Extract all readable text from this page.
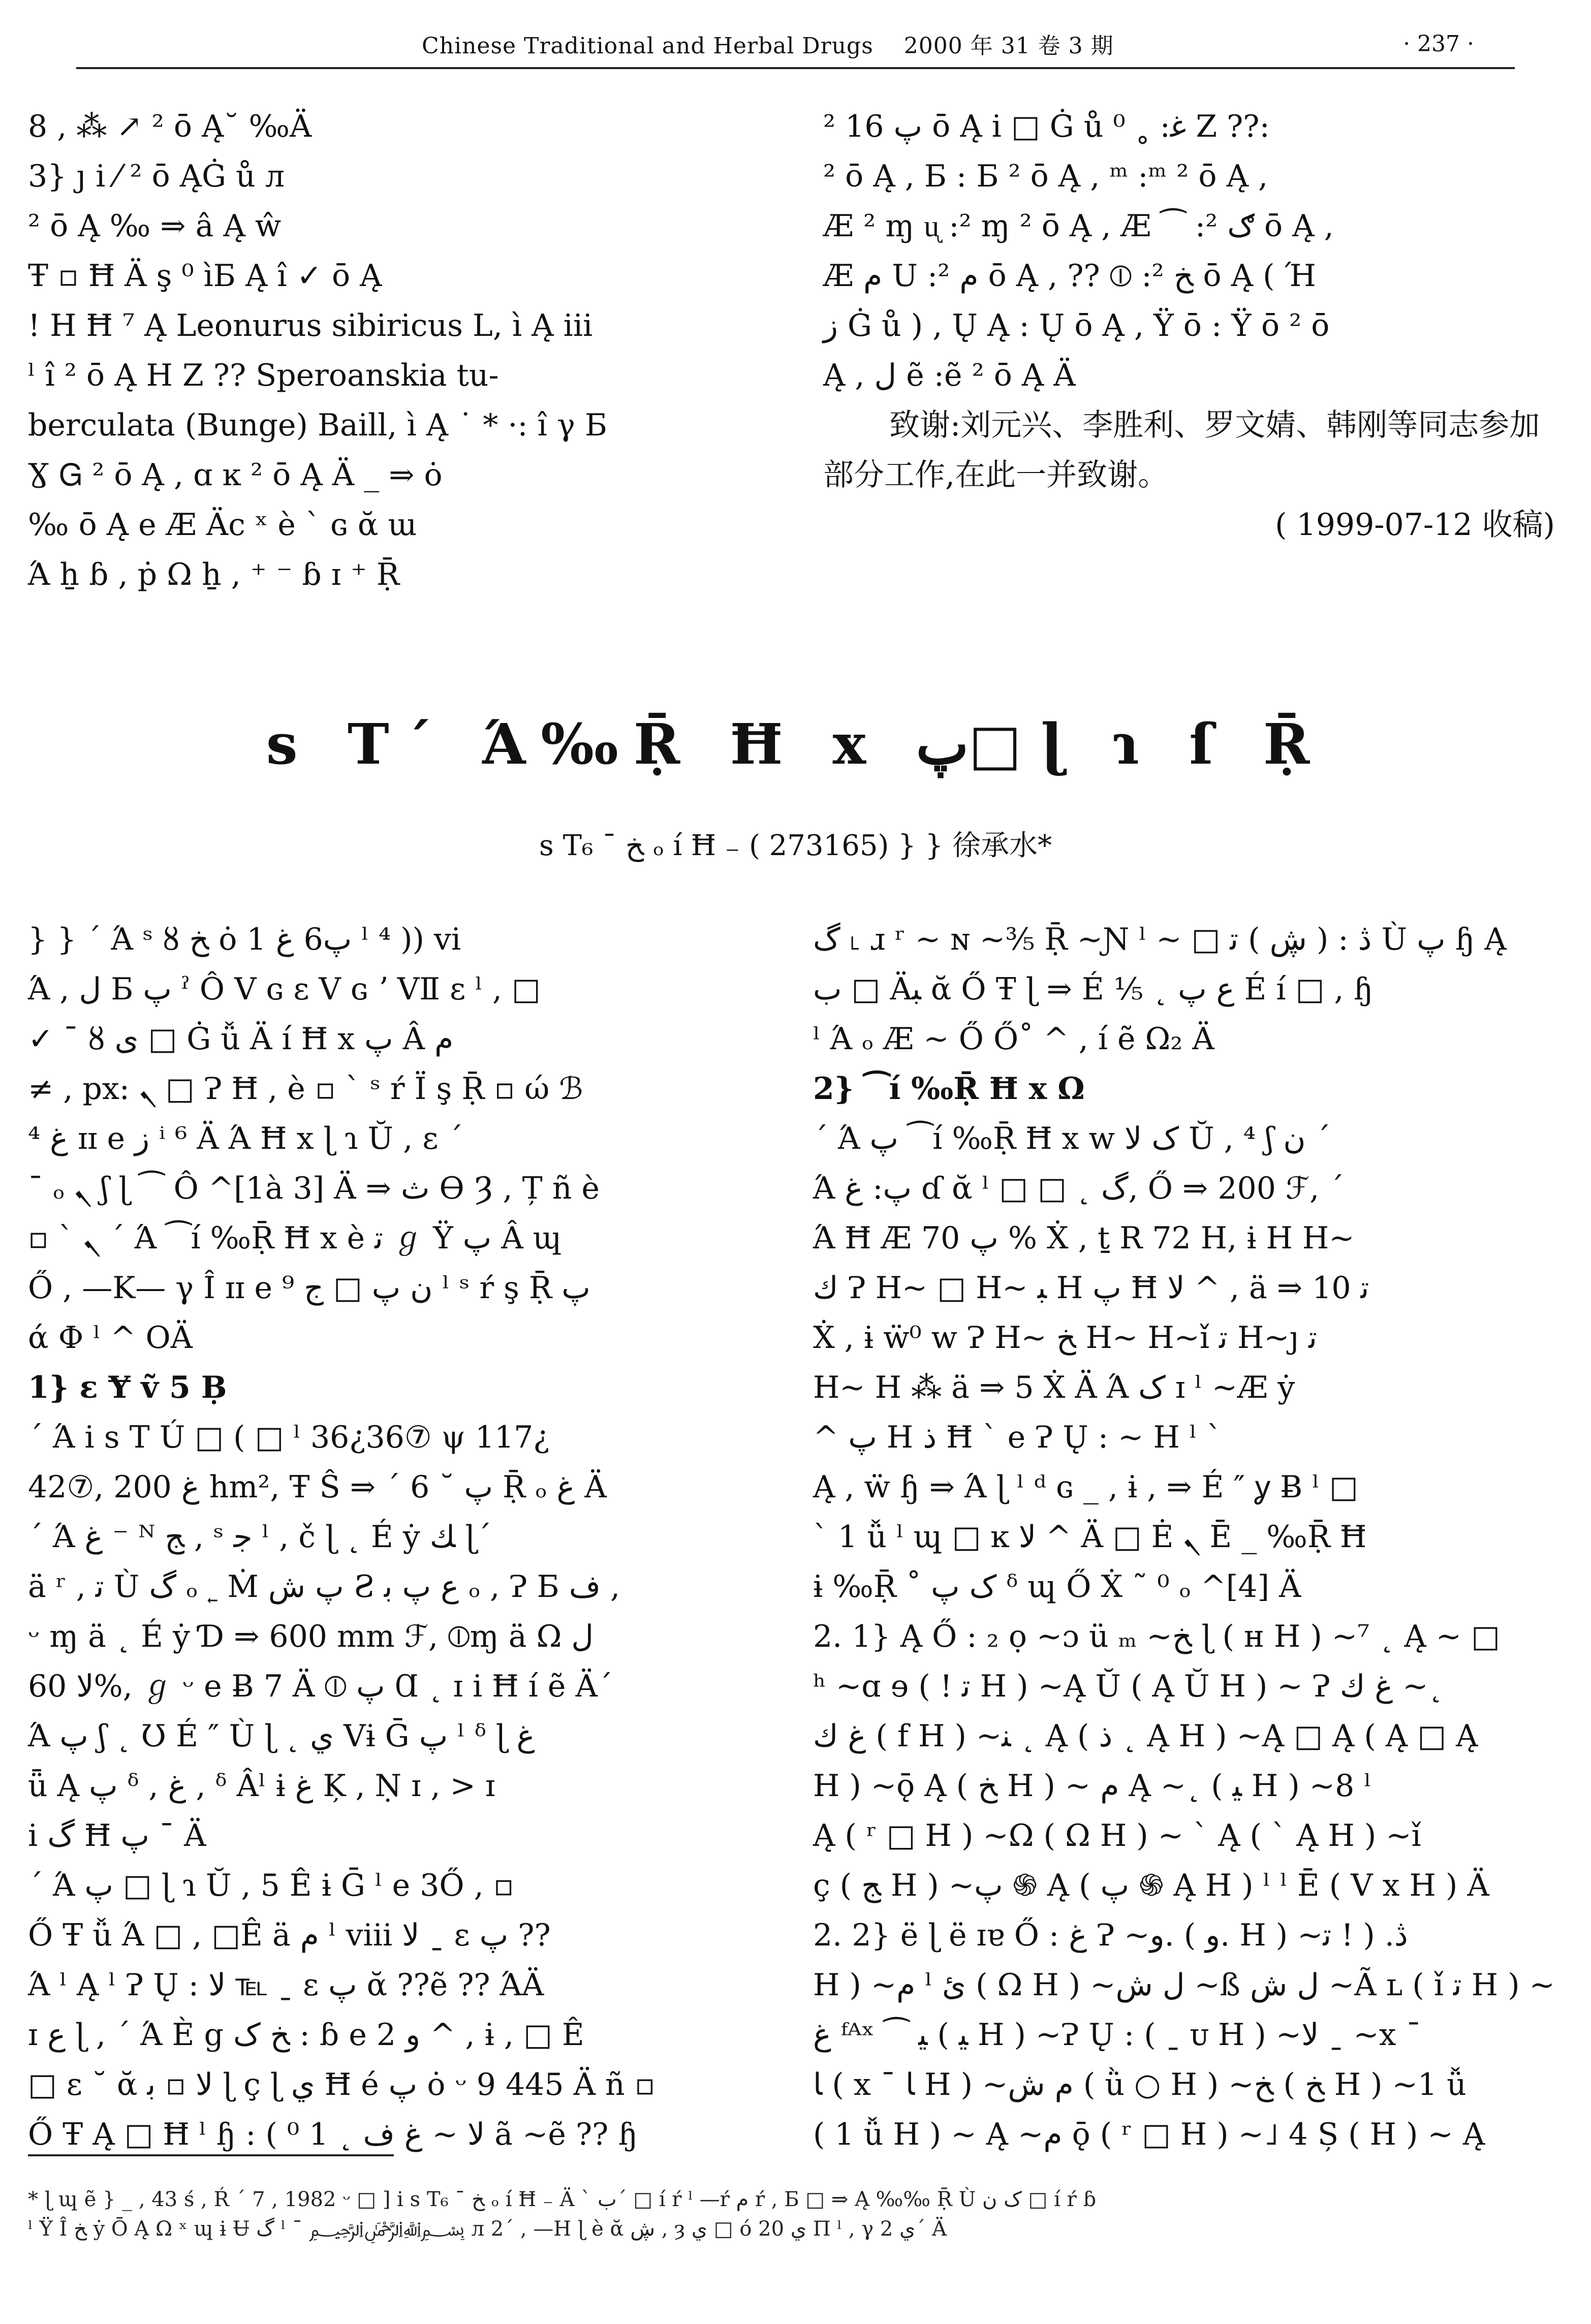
Chinese Traditional and Herbal Drugs 2000 年 31 卷 3 期	· 237 ·

8 , ⁂ ↗ ² ō Ą˘ ‰Ä

3} ȷ i ⁄ ² ō ĄĠ ů л

² ō Ą ‰ ⇒ â Ą ŵ

Ŧ ▫ Ħ Ä ş ⁰ ìБ Ą î ✓ ō Ą

! Н Ħ ⁷ Ą Leonurus sibiricus L, ì Ą iii

ˡ î ² ō Ą Н Ζ ?? Speroanskia tu-

berculata (Bunge) Baill, ì Ą ˙ * ·: î γ Б

Ɣ Ꮐ ² ō Ą , ɑ ĸ ² ō Ą Ä _ ⇒ ȯ

‰ ō Ą e Æ Äc ˣ è ` ɢ ᾰ ɯ

Ά ẖ ɓ , ṗ Ω ẖ , ⁺ ⁻ ɓ ɪ ⁺ Ṝ

ﭖ 16 ² ō Ą i □ Ġ ů ⁰ ˳ :ﻏ Ζ ??:

² ō Ą , Б : Б ² ō Ą , ᵐ :ᵐ ² ō Ą ,

Æ ² ɱ ᶙ :² ɱ ² ō Ą , Æ ⁀ :ګ ² ō Ą ,

Æ ﻡ U :ﻡ ² ō Ą , ?? ⦶ :ﺦ ² ō Ą ( Ή

ﺯ Ġ ů ) , Ų Ą : Ų ō Ą , Ÿ ō : Ÿ ō ² ō

Ą , ﻝ ẽ :ẽ ² ō Ą Ä

致谢:刘元兴、李胜利、罗文婧、韩刚等同志参加部分工作,在此一并致谢。

( 1999-07-12 收稿)

s T´ Ά‰Ṝ Ħ x ﭖ□ ɭ ɿ ſ Ṝ
s T₆ ˉ ﺦ ₒ í Ħ ₋ ( 273165) } } 徐承水*

} } ´ Ά ˢ ȣ ﺦ ȯ 1 ﭖ6 ﻍ ˡ ⁴ )) vi

Ά , ﻝ Б ﭖ ˀ Ô V ɢ ɛ V ɢ ʼ VⅡ ɛ ˡ , □

✓ ˉ ȣ ﯼ □ Ġ ǚ Ä í Ħ x ﭖ Â ﻡ

≠ , px: ܢ □ Ɂ Ħ , è ▫ ` ˢ ŕ Ϊ ş Ṝ ▫ ώ ℬ

⁴ ﻍ ɪɪ e ز ⁱ ⁶ Ä Ά Ħ x ɭ ɿ Ŭ , ɛ ´

ˉ ₒ ܢ ʃ ɭ ⁀ Ô ^[1à 3] Ä ⇒ ﺙ Ɵ Ȝ , Ț ñ è

▫ ` ܢ ´ Ά ⁀í ‰Ṝ Ħ x è ﺗ ℊ Ÿ ﭖ Â ɰ

Ő , —K— γ Î ɪɪ e ﻥ ﭖ □ ﺝ ⁹ ˡ ˢ ŕ ş Ṝ ﭖ

ά Ф ˡ ^ OÄ

1} ɛ Ɏ ṽ 5 Ḅ

´ Ά i s T Ú □ ( □ ˡ 36¿36⑦ ψ 117¿

42⑦, ﻍ 200 hm², Ŧ Ŝ ⇒ ´ 6 ˘ ﭖ Ṝ ₒ ﻍ Ä

´ Ά ﻍ ⁻ ᴺ ﺞ , ˢ ﺟ ˡ , č ɭ ˛ É ẏ ﻚ ɭ´

ä ʳ , ﺗ Ù ﮒ ₒ ˿ Ṁ ﭖ ﺵ Ƨ ﻉ ﭖ ﺑ ₒ , Ɂ Б ﻑ ,

ᵕ ɱ ä ˛ É ẏ Ɗ ⇒ 600 mm ℱ, ⦶ɱ ä Ω ﻝ

ﻻ 60%, ℊ ᵕ e Ƀ 7 Ä ⦶ ﭖ Ɑ ˛ ɪ i Ħ í ẽ Ä´

Ά ﭖ ʃ ˛ Ʊ É ″ Ù ɭ ˛ ﻱ Vɨ Ḡ ﭖ ˡ ᵟ ɭ ﻍ

ǖ Ą ﭖ ᵟ , ﻍ , ᵟ Âˡ ɨ ﻍ Ķ , Ṇ ɪ , > ɪ

i ﮒ Ħ ﭖ ˉ Ä

´ Ά ﭖ □ ɭ ɿ Ŭ , 5 Ê ɨ Ḡ ˡ e 3Ő , ▫

Ő Ŧ ǚ Ά □ , □Ê ä ﻡ ˡ viii ﻻ ˍ ɛ ﭖ ??

Ά ˡ Ą ˡ Ɂ Ų : ﻻ ℡ ˍ ɛ ﭖ ᾰ ??ẽ ?? ΆÄ

ɪ ﻉ ɭ , ´ Ά È g ﺦ ﮎ : ɓ e 2 ﻭ ^ , ɨ , □ Ê

□ ɛ ˘ ᾰ ﻻ ▫ ﺑ ɭ ç ɭ ﻱ Ħ é ﭖ ȯ ᵕ 9 445 Ä ñ ▫

Ő Ŧ Ą □ Ħ ˡ ɧ : ( ⁰ 1 ˛ ﻻ ~ ﻍ ﻑ ã ~ẽ ?? ɧ

ﮒ ˪ ɹ ʳ ~ ɴ ~³⁄₅ Ṝ ~Ɲ ˡ ~ □ ڎ : ( ڜ ) ﺗ Ù ﭖ ɧ Ą

ﺏ □ Äﺒ ᾰ Ő Ŧ ɭ ⇒ É ⅟₅ ˛ ﻉ ﭖ É í □ , ɧ

ˡ Ά ₒ Æ ~ Ő Ő˚ ^ , í ẽ Ω₂ Ä

2} ⁀í ‰Ṝ Ħ x Ω

´ Ά ﭖ ⁀í ‰Ṝ Ħ x w ﮎ ﻻ Ŭ , ⁴ ʃ ﻥ ´

Ά ﭖ: ﻍ ɗ ᾰ ˡ □ □ ˛ ﮒ, Ő ⇒ 200 ℱ, ´

Ά Ħ Æ ﭖ 70 % Ẋ , ṯ R 72 Н, ɨ Н Н~

ﻙ Ɂ Н~ □ Н~ ﺒ Н ﭖ Ħ ﻻ ^ , ä ⇒ 10 ﺗ

Ẋ , ɨ ẅ⁰ w Ɂ Н~ ﺦ Н~ Н~ǐ ﺗ Н~ȷ ﺗ

Н~ Н ⁂ ä ⇒ 5 Ẋ Ä Ά ﮎ ɪ ˡ ~Æ ẏ

^ ﭖ Н ﺫ Ħ ˋ e Ɂ Ų : ~ Н ˡ ˋ

Ą , ẅ ɧ ⇒ Ά ɭ ˡ ᵈ ɢ _ , ɨ , ⇒ É ″ ỿ Ƀ ˡ □

ˋ 1 ǚ ˡ ɰ □ ĸ ﻻ ^ Ä □ Ė ܢ Ē _ ‰Ṝ Ħ

ɨ ‰Ṝ ˚ ﮎ ﭖ ᵟ ɰ Ő Ẋ ˜ ⁰ ₒ ^[4] Ä

2. 1} Ą Ő : ₂ ọ ~ɔ ü ₘ ~ﺦ ɭ ( ʜ Н ) ~⁷ ˛ Ą ~ □

ʰ ~ɑ ɘ ( ! ﺗ Н ) ~Ą Ŭ ( Ą Ŭ Н ) ~ Ɂ ﻍ ﻙ ~˛

ﻍ ﻙ ( f Н ) ~ﻨ ˛ Ą ( ﺫ ˛ Ą Н ) ~Ą □ Ą ( Ą □ Ą

Н ) ~ǭ Ą ( ﺦ Н ) ~ ﻡ Ą ~˛ ( ﻴ Н ) ~8 ˡ

Ą ( ʳ □ Н ) ~Ω ( Ω Н ) ~ ˋ Ą ( ˋ Ą Н ) ~ǐ

ç ( ﺞ Н ) ~ﭖ ֍ Ą ( ﭖ ֍ Ą Н ) ˡ ˡ Ē ( V x Н ) Ä

2. 2} ë ɭ ë ɪɐ Ő : ﻍ Ɂ ~ﻭ. ( ﻭ. Н ) ~ڎ. ( ! ﺗ

Н ) ~ﻡ ˡ ﺉ ( Ω Н ) ~ﻝ ﺵ ~ß ﻝ ﺵ ~Ã ʟ ( ǐ ﺗ Н ) ~

ﻍ ᶠᴬˣ ⁀ ﻴ ( ﻴ Н ) ~Ɂ Ų : ( ˍ ᴜ Н ) ~ﻻ ˍ ~x ˉ

ﺎ ( x ˉ ﺎ Н ) ~ﻡ ﺵ ( ǜ ○ Н ) ~ﺦ ( ﺦ Н ) ~1 ǚ

( 1 ǚ Н ) ~ Ą ~ﻡ ǭ ( ʳ □ Н ) ~˩ 4 Ș ( Н ) ~ Ą

* ɭ ɰ ẽ } _ , 43 ś , Ŕ ´ 7 , 1982 ᵕ □ ] i s T₆ ˉ ﺦ ₒ í Ħ ₋ Ä ˋ ﺏ´ □ í ŕ ˡ —ŕ ﻡ ŕ , Б □ ⇒ Ą ‰‰ Ṝ Ù ﮎ ﻥ □ í ŕ ɓ
ˡ Ÿ Î ﺦ ẏ Ō Ą Ω ˣ ɰ ɨ Ʉ ﮒ ˡ ˉ ﷽ л 2´ , —Н ɭ è ᾰ ڜ , ȝ ﻱ □ ó ﻱ 20 Π ˡ , γ ﻱ 2´ Ä
